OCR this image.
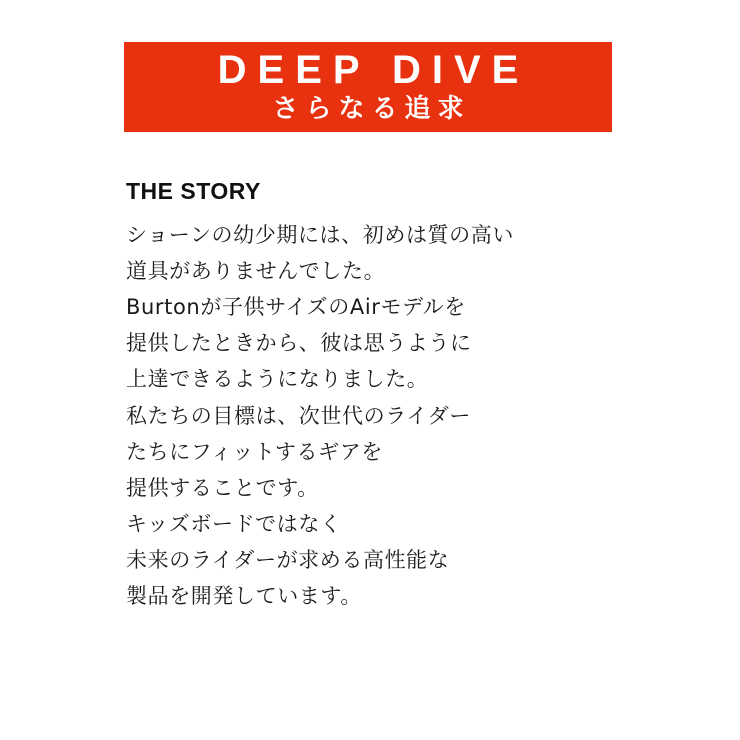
DEEP DIVE
さらなる追求
THE STORY
ショーンの幼少期には、初めは質の高い
道具がありませんでした。
Burtonが子供サイズのAirモデルを
提供したときから、彼は思うように
上達できるようになりました。
私たちの目標は、次世代のライダー
たちにフィットするギアを
提供することです。
キッズボードではなく
未来のライダーが求める高性能な
製品を開発しています。
